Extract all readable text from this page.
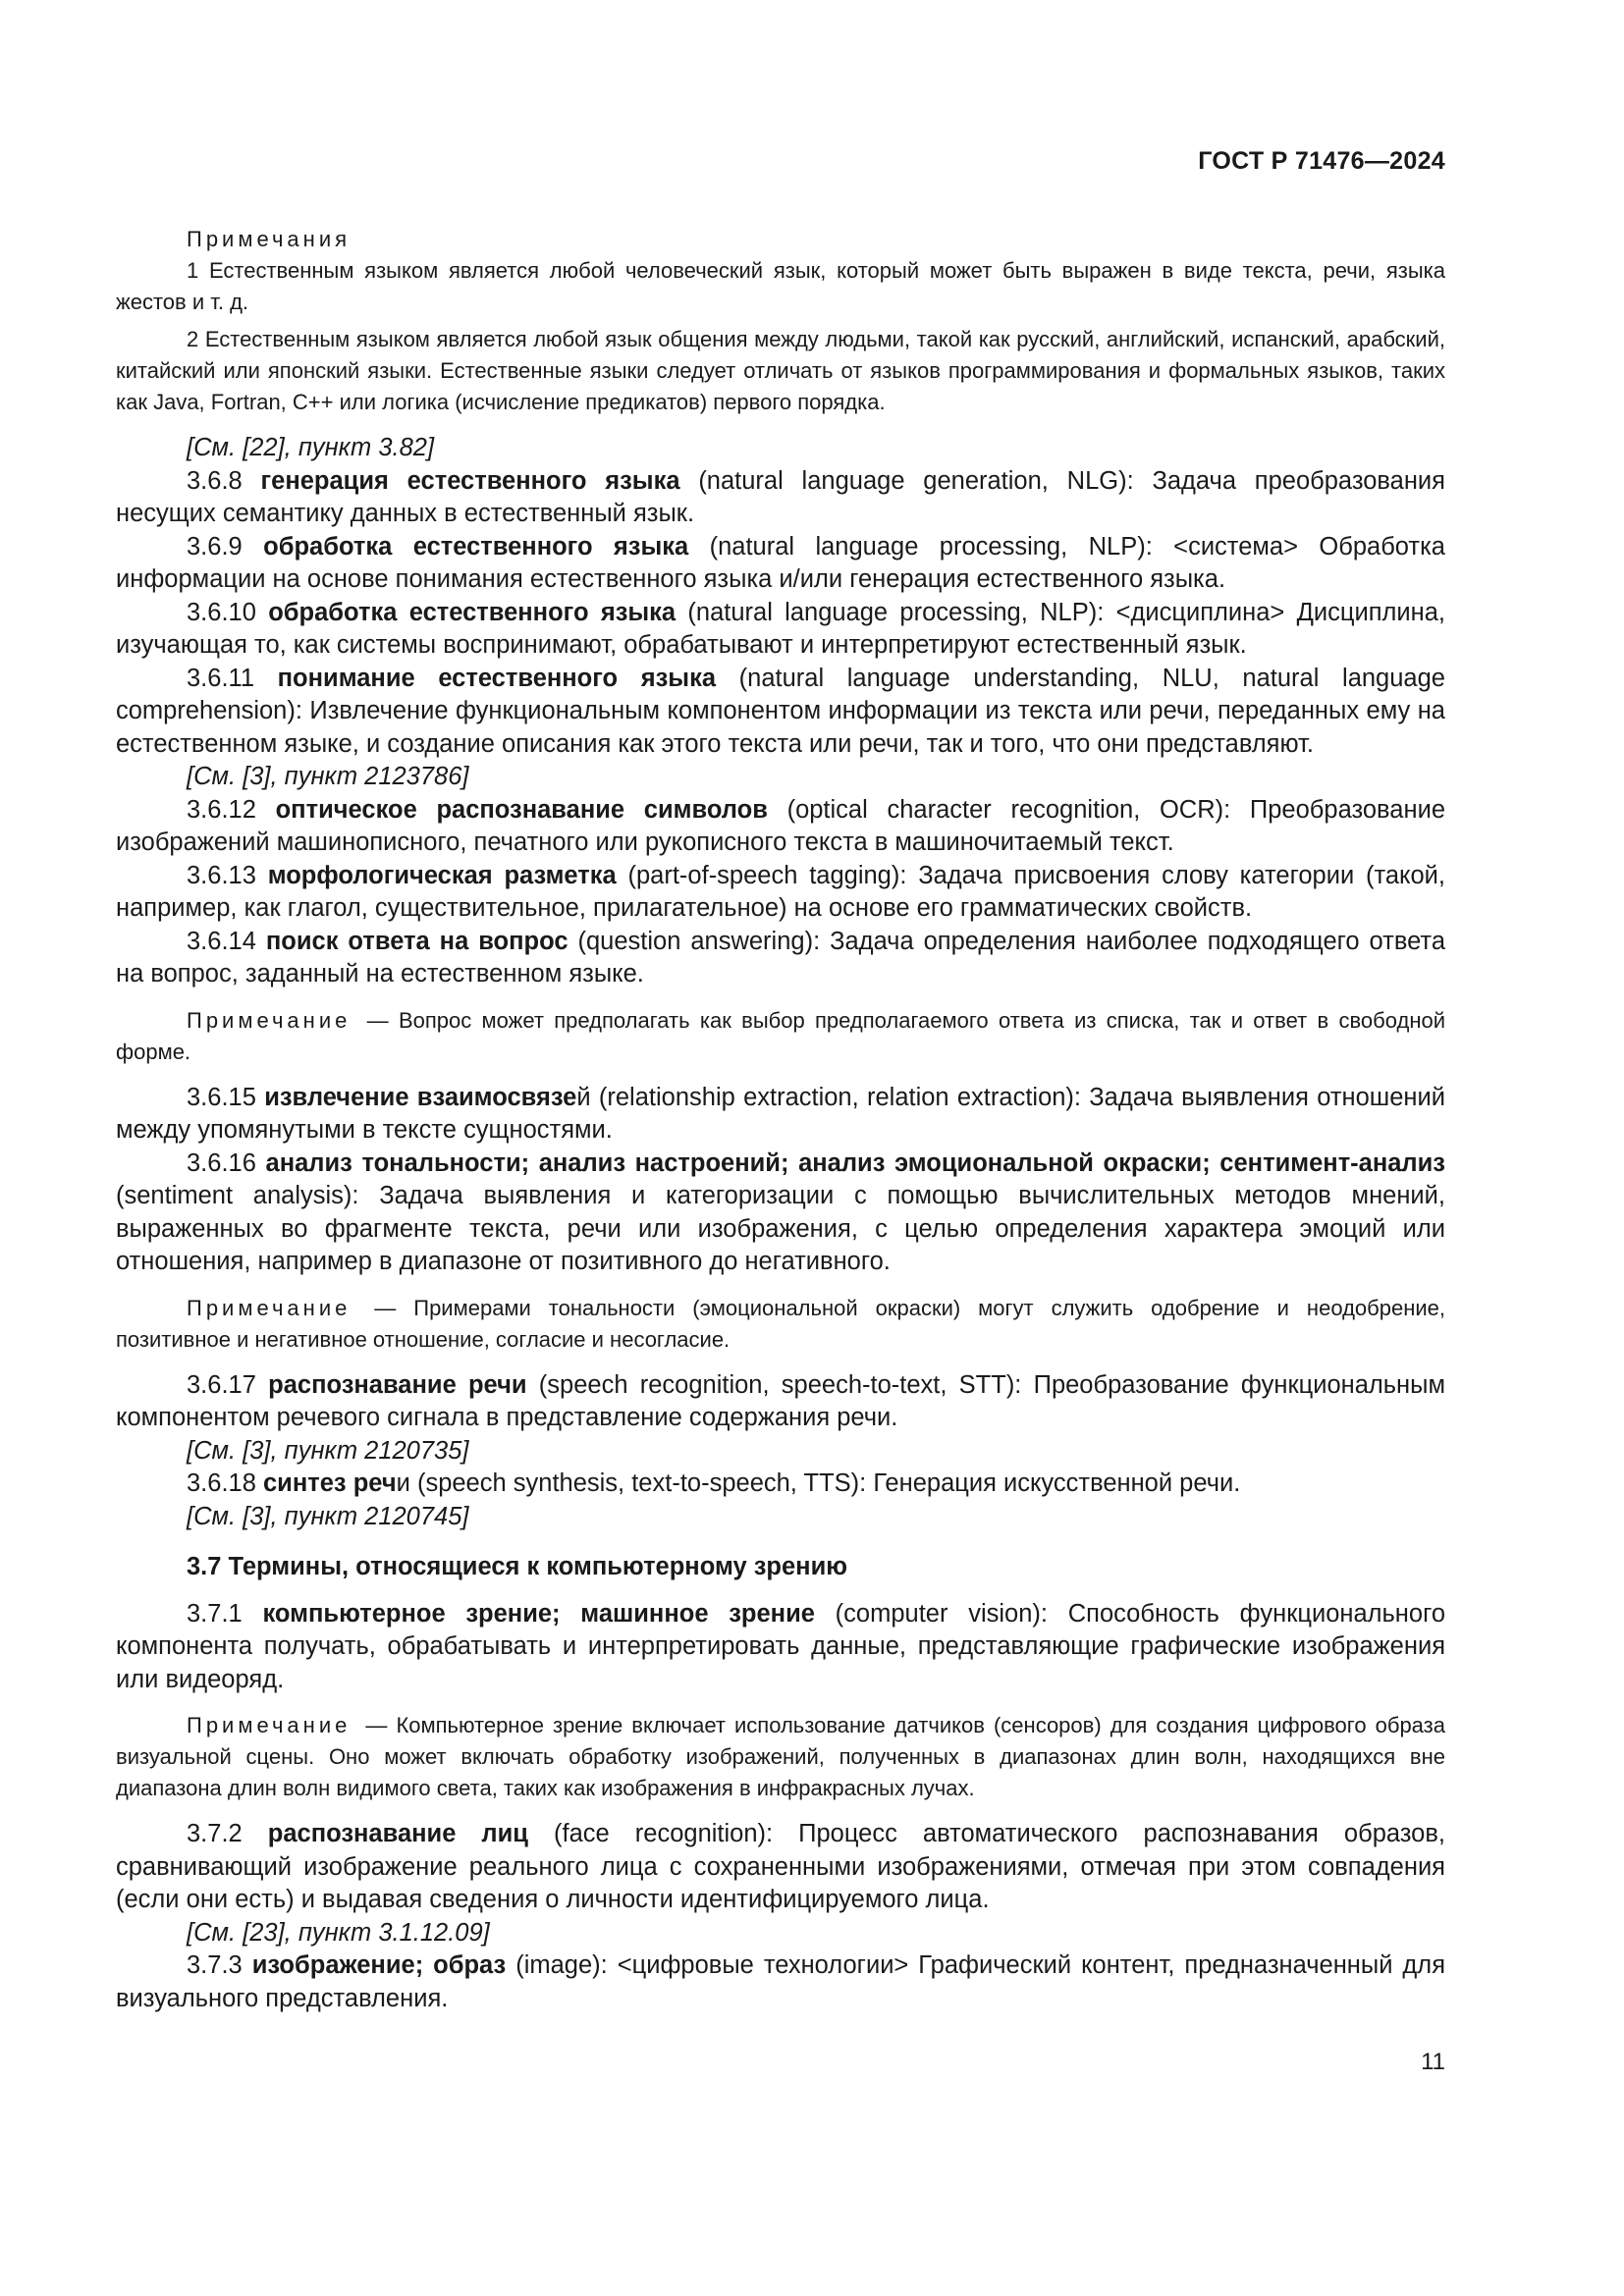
ГОСТ Р 71476—2024
Примечания

1 Естественным языком является любой человеческий язык, который может быть выражен в виде текста, речи, языка жестов и т. д.

2 Естественным языком является любой язык общения между людьми, такой как русский, английский, испанский, арабский, китайский или японский языки. Естественные языки следует отличать от языков программирования и формальных языков, таких как Java, Fortran, С++ или логика (исчисление предикатов) первого порядка.

[См. [22], пункт 3.82]

3.6.8 генерация естественного языка (natural language generation, NLG): Задача преобразования несущих семантику данных в естественный язык.

3.6.9 обработка естественного языка (natural language processing, NLP): <система> Обработка информации на основе понимания естественного языка и/или генерация естественного языка.

3.6.10 обработка естественного языка (natural language processing, NLP): <дисциплина> Дисциплина, изучающая то, как системы воспринимают, обрабатывают и интерпретируют естественный язык.

3.6.11 понимание естественного языка (natural language understanding, NLU, natural language comprehension): Извлечение функциональным компонентом информации из текста или речи, переданных ему на естественном языке, и создание описания как этого текста или речи, так и того, что они представляют.

[См. [3], пункт 2123786]

3.6.12 оптическое распознавание символов (optical character recognition, OCR): Преобразование изображений машинописного, печатного или рукописного текста в машиночитаемый текст.

3.6.13 морфологическая разметка (part-of-speech tagging): Задача присвоения слову категории (такой, например, как глагол, существительное, прилагательное) на основе его грамматических свойств.

3.6.14 поиск ответа на вопрос (question answering): Задача определения наиболее подходящего ответа на вопрос, заданный на естественном языке.

Примечание — Вопрос может предполагать как выбор предполагаемого ответа из списка, так и ответ в свободной форме.

3.6.15 извлечение взаимосвязей (relationship extraction, relation extraction): Задача выявления отношений между упомянутыми в тексте сущностями.

3.6.16 анализ тональности; анализ настроений; анализ эмоциональной окраски; сентимент-анализ (sentiment analysis): Задача выявления и категоризации с помощью вычислительных методов мнений, выраженных во фрагменте текста, речи или изображения, с целью определения характера эмоций или отношения, например в диапазоне от позитивного до негативного.

Примечание — Примерами тональности (эмоциональной окраски) могут служить одобрение и неодобрение, позитивное и негативное отношение, согласие и несогласие.

3.6.17 распознавание речи (speech recognition, speech-to-text, STT): Преобразование функциональным компонентом речевого сигнала в представление содержания речи.

[См. [3], пункт 2120735]

3.6.18 синтез речи (speech synthesis, text-to-speech, TTS): Генерация искусственной речи.

[См. [3], пункт 2120745]

3.7 Термины, относящиеся к компьютерному зрению

3.7.1 компьютерное зрение; машинное зрение (computer vision): Способность функционального компонента получать, обрабатывать и интерпретировать данные, представляющие графические изображения или видеоряд.

Примечание — Компьютерное зрение включает использование датчиков (сенсоров) для создания цифрового образа визуальной сцены. Оно может включать обработку изображений, полученных в диапазонах длин волн, находящихся вне диапазона длин волн видимого света, таких как изображения в инфракрасных лучах.

3.7.2 распознавание лиц (face recognition): Процесс автоматического распознавания образов, сравнивающий изображение реального лица с сохраненными изображениями, отмечая при этом совпадения (если они есть) и выдавая сведения о личности идентифицируемого лица.

[См. [23], пункт 3.1.12.09]

3.7.3 изображение; образ (image): <цифровые технологии> Графический контент, предназначенный для визуального представления.

11
